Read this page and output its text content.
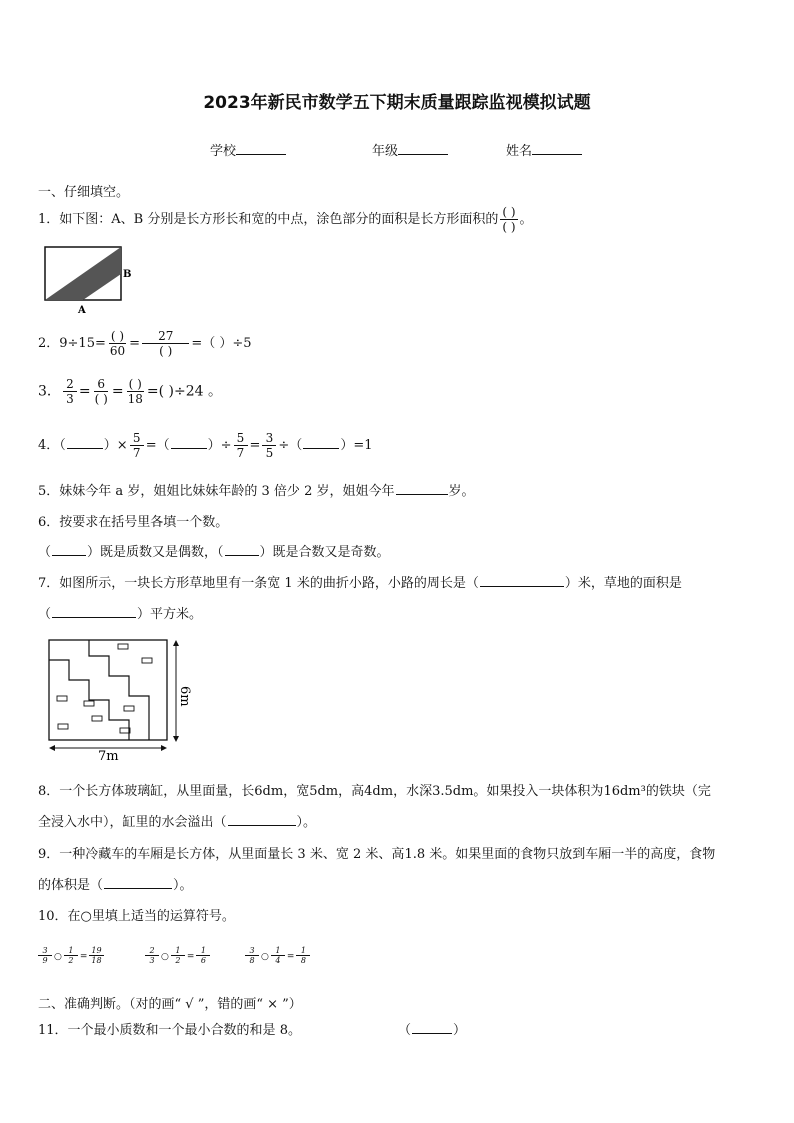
2023年新民市数学五下期末质量跟踪监视模拟试题
学校	年级	姓名
一、仔细填空。
1．如下图：A、B 分别是长方形长和宽的中点，涂色部分的面积是长方形面积的 $\frac{( )}{( )}$ 。
B
A
2．$9\div 15= \frac{( )}{60} = \frac{27}{( )}$ =（ ）÷5
3． $\frac{2}{3} = \frac{6}{( )} = \frac{( )}{18}$ =( )÷24 。
4．（	）× $\frac{5}{7}$ =（	）÷ $\frac{5}{7} = \frac{3}{5}$ ÷（	）=1
5．妹妹今年 a 岁，姐姐比妹妹年龄的 3 倍少 2 岁，姐姐今年	岁。
6．按要求在括号里各填一个数。
（	）既是质数又是偶数，（	）既是合数又是奇数。
7．如图所示，一块长方形草地里有一条宽 1 米的曲折小路，小路的周长是（	）米，草地的面积是
（	）平方米。
6m
7m
8．一个长方体玻璃缸，从里面量，长6dm，宽5dm，高4dm，水深3.5dm。如果投入一块体积为16dm³的铁块（完
全浸入水中），缸里的水会溢出（	）。
9．一种冷藏车的车厢是长方体，从里面量长 3 米、宽 2 米、高1.8 米。如果里面的食物只放到车厢一半的高度，食物
的体积是（	）。
10．在○里填上适当的运算符号。
$\frac{3}{9}$ ○ $\frac{1}{2} = \frac{19}{18}$	$\frac{2}{3}$ ○ $\frac{1}{2} = \frac{1}{6}$	$\frac{3}{8}$ ○ $\frac{1}{4} = \frac{1}{8}$
二、准确判断。（对的画“ √ ”，错的画“ × ”）
11．一个最小质数和一个最小合数的和是 8。	（	）
